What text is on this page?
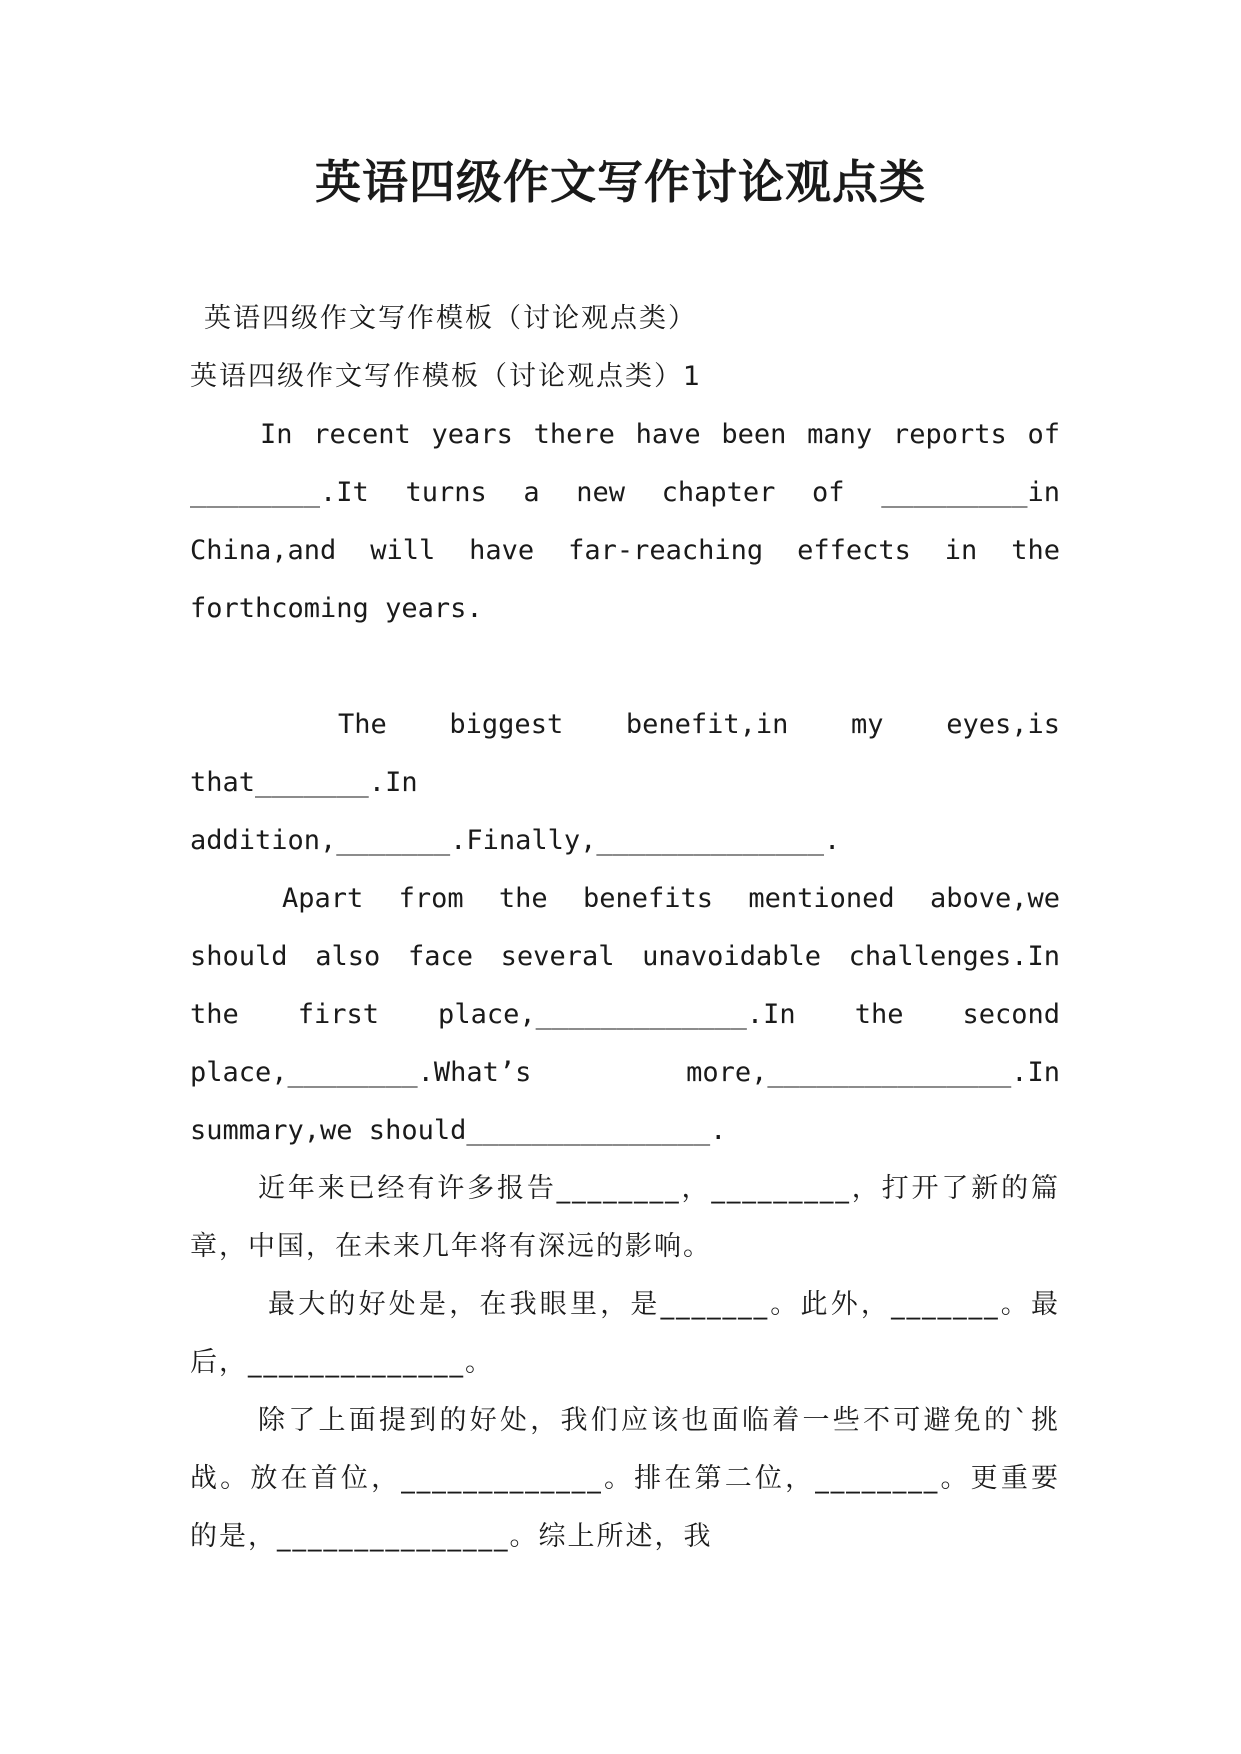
英语四级作文写作讨论观点类

英语四级作文写作模板（讨论观点类）

英语四级作文写作模板（讨论观点类）1

In recent years there have been many reports of ________.It turns a new chapter of _________in China,and will have far-reaching effects in the forthcoming years.

The biggest benefit,in my eyes,is that_______.In

addition,_______.Finally,______________.

Apart from the benefits mentioned above,we should also face several unavoidable challenges.In the first place,_____________.In the second place,________.What’s more,_______________.In summary,we should_______________.

近年来已经有许多报告________，_________，打开了新的篇章，中国，在未来几年将有深远的影响。

最大的好处是，在我眼里，是_______。此外，_______。最后，______________。

除了上面提到的好处，我们应该也面临着一些不可避免的`挑战。放在首位，_____________。排在第二位，________。更重要的是，_______________。综上所述，我
